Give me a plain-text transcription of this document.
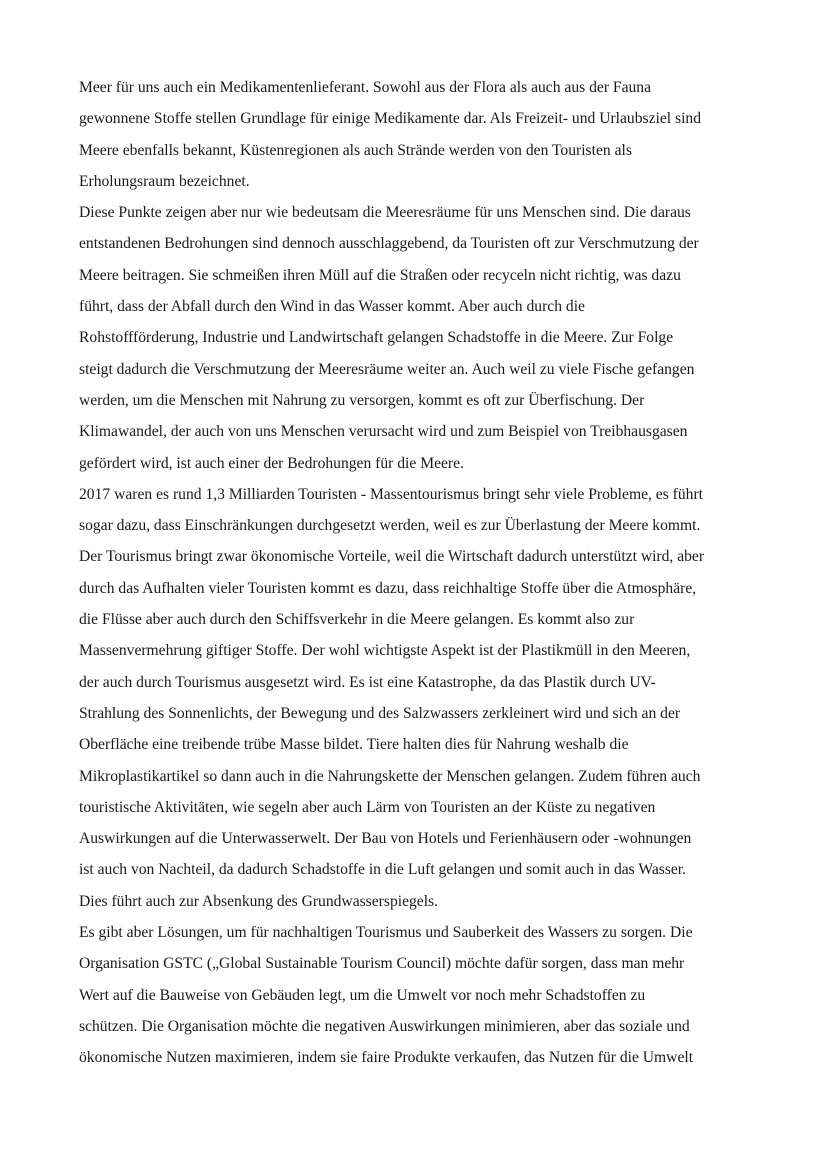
Meer für uns auch ein Medikamentenlieferant. Sowohl aus der Flora als auch aus der Fauna
gewonnene Stoffe stellen Grundlage für einige Medikamente dar. Als Freizeit- und Urlaubsziel sind
Meere ebenfalls bekannt, Küstenregionen als auch Strände werden von den Touristen als
Erholungsraum bezeichnet.
Diese Punkte zeigen aber nur wie bedeutsam die Meeresräume für uns Menschen sind. Die daraus
entstandenen Bedrohungen sind dennoch ausschlaggebend, da Touristen oft zur Verschmutzung der
Meere beitragen. Sie schmeißen ihren Müll auf die Straßen oder recyceln nicht richtig, was dazu
führt, dass der Abfall durch den Wind in das Wasser kommt. Aber auch durch die
Rohstoffförderung, Industrie und Landwirtschaft gelangen Schadstoffe in die Meere. Zur Folge
steigt dadurch die Verschmutzung der Meeresräume weiter an. Auch weil zu viele Fische gefangen
werden, um die Menschen mit Nahrung zu versorgen, kommt es oft zur Überfischung. Der
Klimawandel, der auch von uns Menschen verursacht wird und zum Beispiel von Treibhausgasen
gefördert wird, ist auch einer der Bedrohungen für die Meere.
2017 waren es rund 1,3 Milliarden Touristen - Massentourismus bringt sehr viele Probleme, es führt
sogar dazu, dass Einschränkungen durchgesetzt werden, weil es zur Überlastung der Meere kommt.
Der Tourismus bringt zwar ökonomische Vorteile, weil die Wirtschaft dadurch unterstützt wird, aber
durch das Aufhalten vieler Touristen kommt es dazu, dass reichhaltige Stoffe über die Atmosphäre,
die Flüsse aber auch durch den Schiffsverkehr in die Meere gelangen. Es kommt also zur
Massenvermehrung giftiger Stoffe. Der wohl wichtigste Aspekt ist der Plastikmüll in den Meeren,
der auch durch Tourismus ausgesetzt wird. Es ist eine Katastrophe, da das Plastik durch UV-
Strahlung des Sonnenlichts, der Bewegung und des Salzwassers zerkleinert wird und sich an der
Oberfläche eine treibende trübe Masse bildet. Tiere halten dies für Nahrung weshalb die
Mikroplastikartikel so dann auch in die Nahrungskette der Menschen gelangen. Zudem führen auch
touristische Aktivitäten, wie segeln aber auch Lärm von Touristen an der Küste zu negativen
Auswirkungen auf die Unterwasserwelt. Der Bau von Hotels und Ferienhäusern oder -wohnungen
ist auch von Nachteil, da dadurch Schadstoffe in die Luft gelangen und somit auch in das Wasser.
Dies führt auch zur Absenkung des Grundwasserspiegels.
Es gibt aber Lösungen, um für nachhaltigen Tourismus und Sauberkeit des Wassers zu sorgen. Die
Organisation GSTC („Global Sustainable Tourism Council) möchte dafür sorgen, dass man mehr
Wert auf die Bauweise von Gebäuden legt, um die Umwelt vor noch mehr Schadstoffen zu
schützen. Die Organisation möchte die negativen Auswirkungen minimieren, aber das soziale und
ökonomische Nutzen maximieren, indem sie faire Produkte verkaufen, das Nutzen für die Umwelt
